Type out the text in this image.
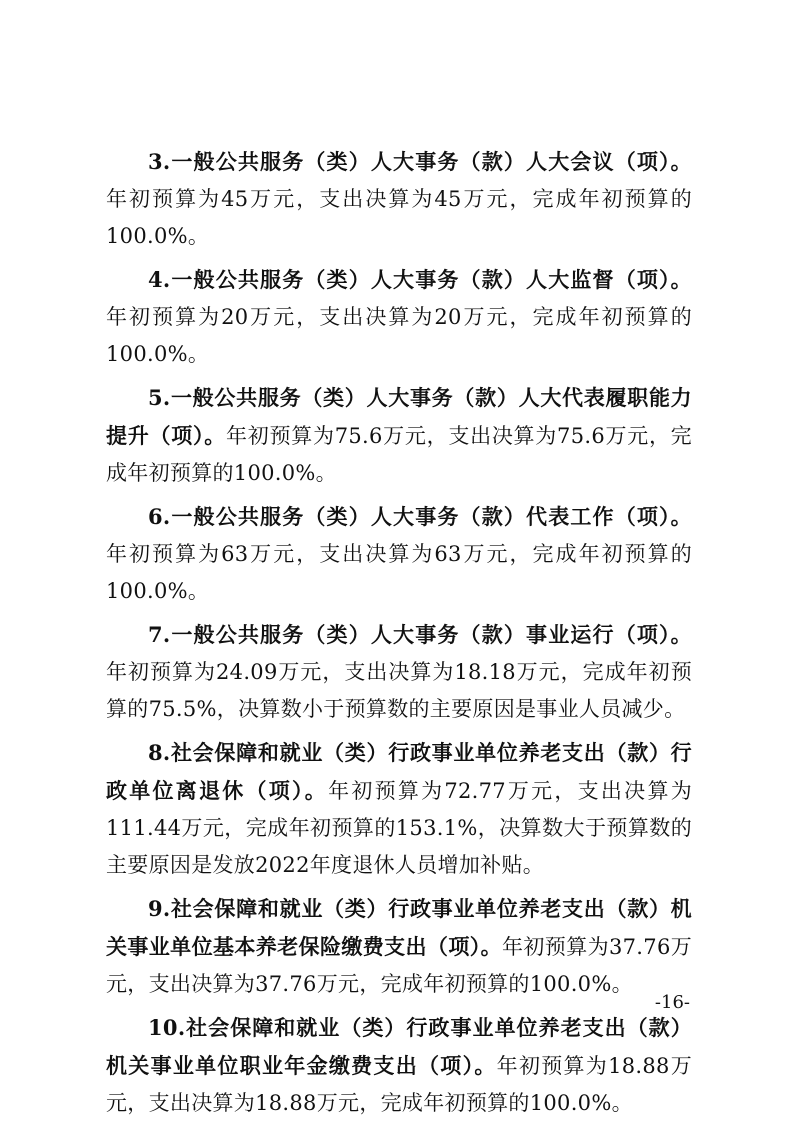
3.一般公共服务（类）人大事务（款）人大会议（项）。年初预算为45万元，支出决算为45万元，完成年初预算的100.0%。

4.一般公共服务（类）人大事务（款）人大监督（项）。年初预算为20万元，支出决算为20万元，完成年初预算的100.0%。

5.一般公共服务（类）人大事务（款）人大代表履职能力提升（项）。年初预算为75.6万元，支出决算为75.6万元，完成年初预算的100.0%。

6.一般公共服务（类）人大事务（款）代表工作（项）。年初预算为63万元，支出决算为63万元，完成年初预算的100.0%。

7.一般公共服务（类）人大事务（款）事业运行（项）。年初预算为24.09万元，支出决算为18.18万元，完成年初预算的75.5%，决算数小于预算数的主要原因是事业人员减少。

8.社会保障和就业（类）行政事业单位养老支出（款）行政单位离退休（项）。年初预算为72.77万元，支出决算为111.44万元，完成年初预算的153.1%，决算数大于预算数的主要原因是发放2022年度退休人员增加补贴。

9.社会保障和就业（类）行政事业单位养老支出（款）机关事业单位基本养老保险缴费支出（项）。年初预算为37.76万元，支出决算为37.76万元，完成年初预算的100.0%。

10.社会保障和就业（类）行政事业单位养老支出（款）机关事业单位职业年金缴费支出（项）。年初预算为18.88万元，支出决算为18.88万元，完成年初预算的100.0%。

-16-
